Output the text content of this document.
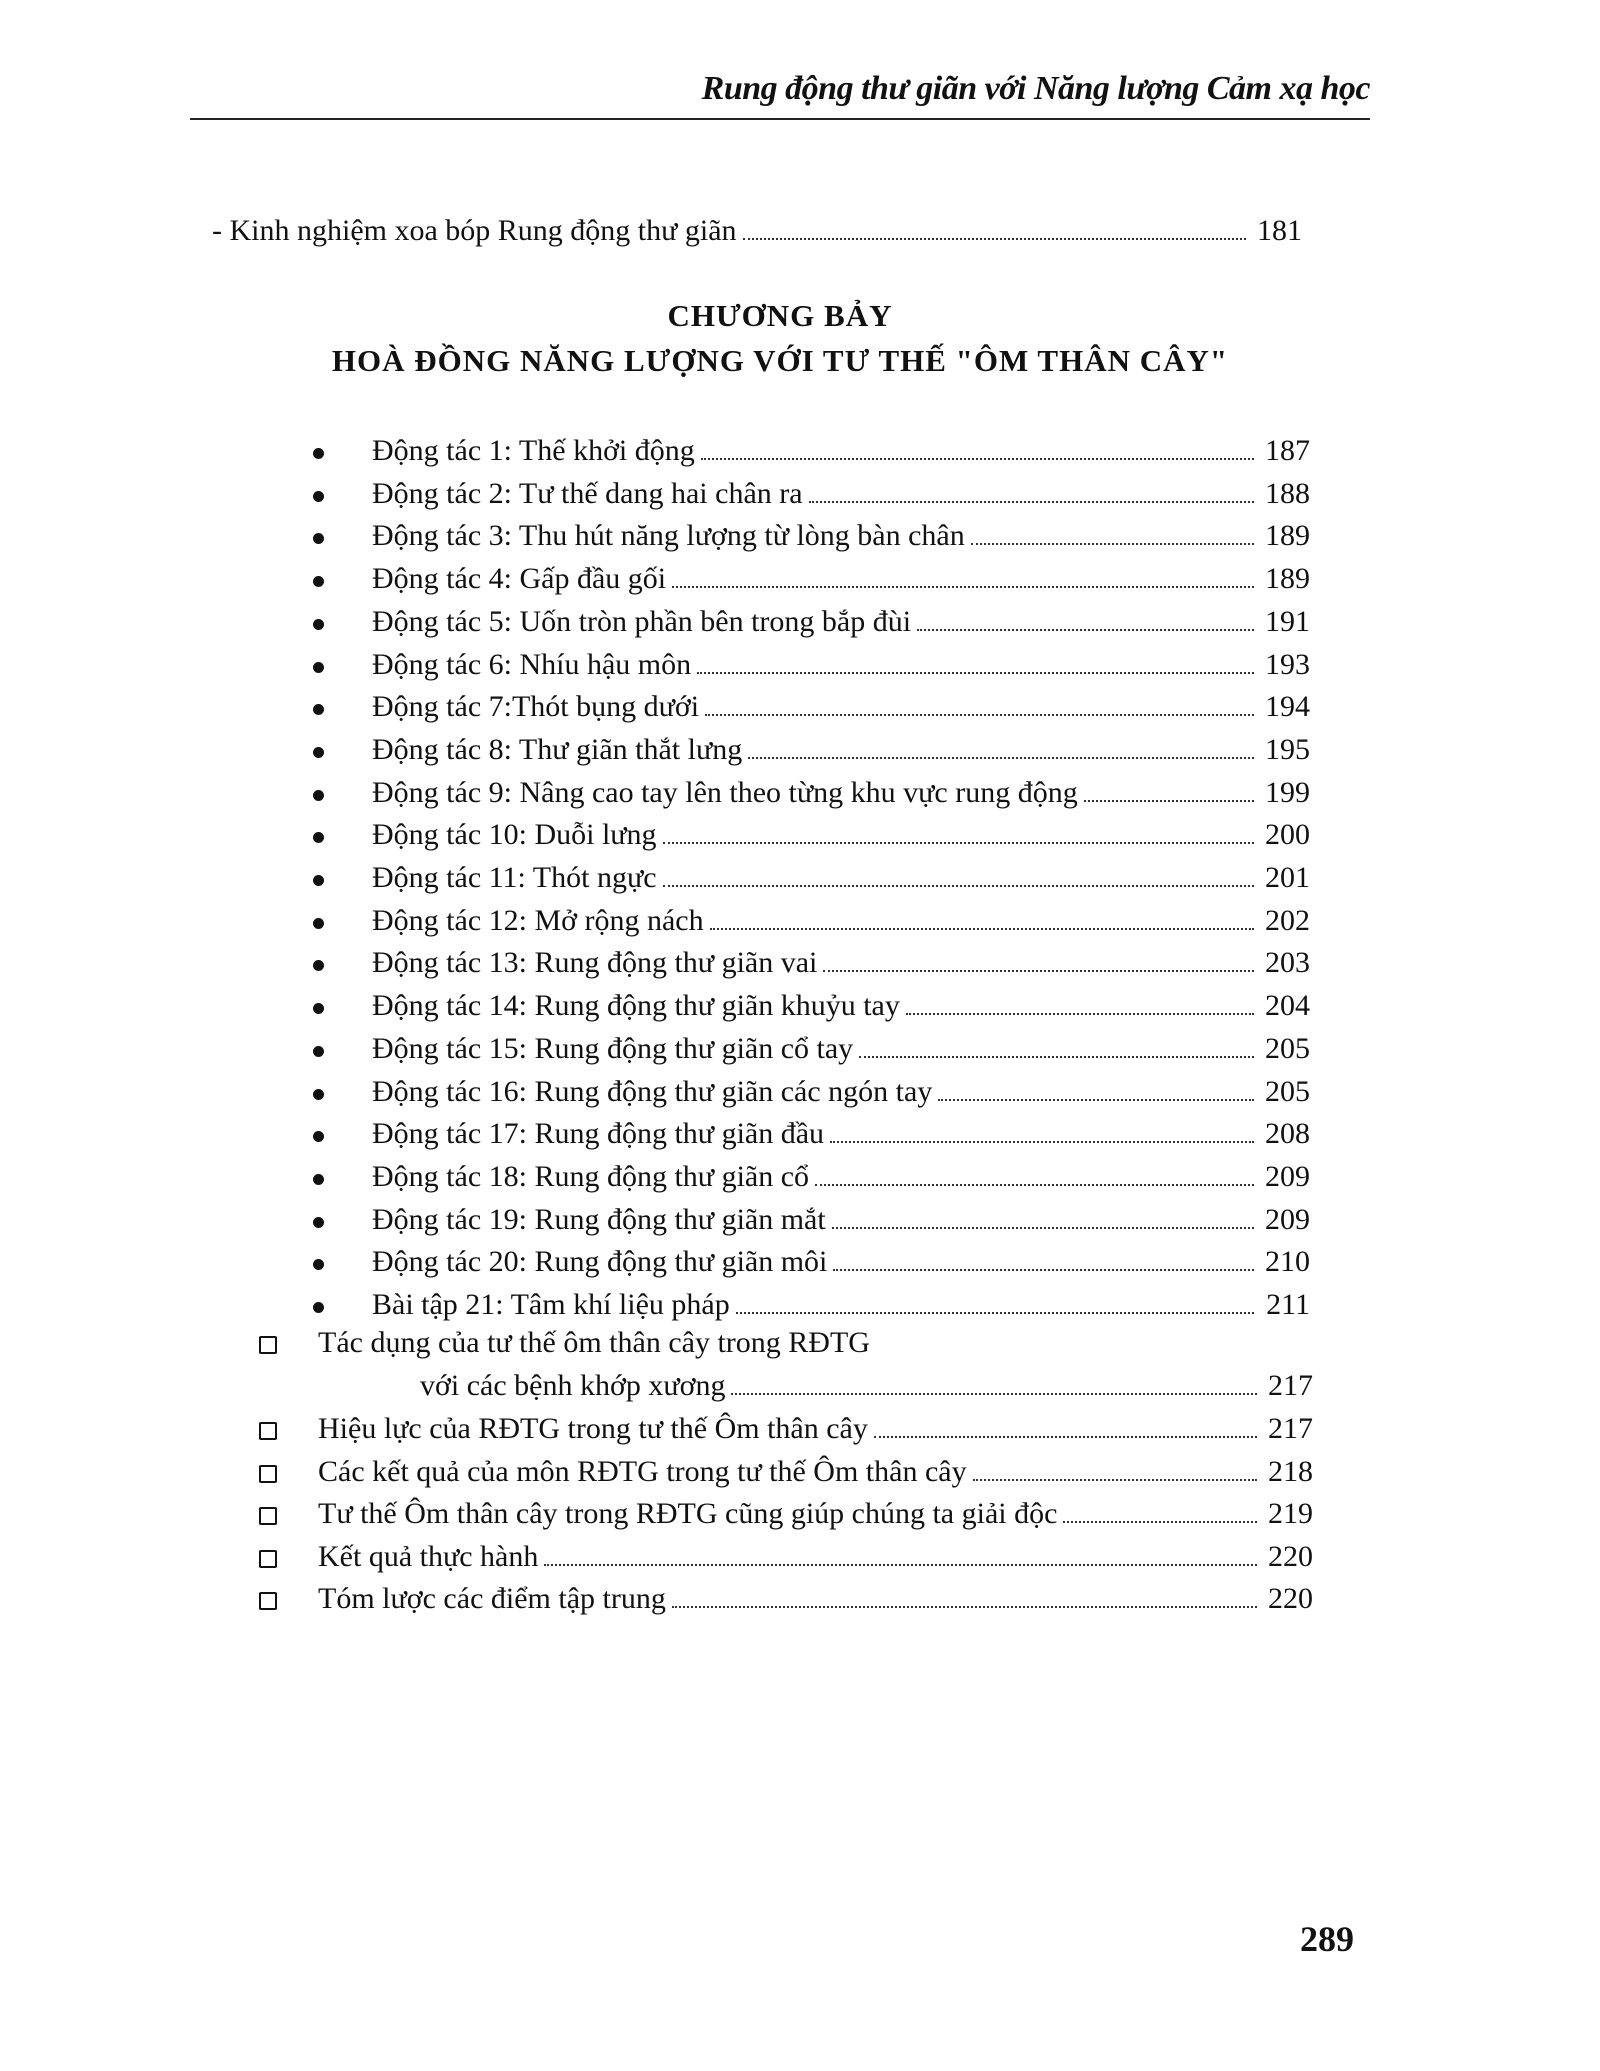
Rung động thư giãn với Năng lượng Cảm xạ học
- Kinh nghiệm xoa bóp Rung động thư giãn	181
CHƯƠNG BẢY
HOÀ ĐỒNG NĂNG LƯỢNG VỚI TƯ THẾ "ÔM THÂN CÂY"
Động tác 1: Thế khởi động	187
Động tác 2: Tư thế dang hai chân ra	188
Động tác 3: Thu hút năng lượng từ lòng bàn chân	189
Động tác 4: Gấp đầu gối	189
Động tác 5: Uốn tròn phần bên trong bắp đùi	191
Động tác 6: Nhíu hậu môn	193
Động tác 7:Thót bụng dưới	194
Động tác 8: Thư giãn thắt lưng	195
Động tác 9: Nâng cao tay lên theo từng khu vực rung động	199
Động tác 10: Duỗi lưng	200
Động tác 11: Thót ngực	201
Động tác 12: Mở rộng nách	202
Động tác 13: Rung động thư giãn vai	203
Động tác 14: Rung động thư giãn khuỷu tay	204
Động tác 15: Rung động thư giãn cổ tay	205
Động tác 16: Rung động thư giãn các ngón tay	205
Động tác 17: Rung động thư giãn đầu	208
Động tác 18: Rung động thư giãn cổ	209
Động tác 19: Rung động thư giãn mắt	209
Động tác 20: Rung động thư giãn môi	210
Bài tập 21: Tâm khí liệu pháp	211
Tác dụng của tư thế ôm thân cây trong RĐTG
với các bệnh khớp xương	217
Hiệu lực của RĐTG trong tư thế Ôm thân cây	217
Các kết quả của môn RĐTG trong tư thế Ôm thân cây	218
Tư thế Ôm thân cây trong RĐTG cũng giúp chúng ta giải độc	219
Kết quả thực hành	220
Tóm lược các điểm tập trung	220
289
